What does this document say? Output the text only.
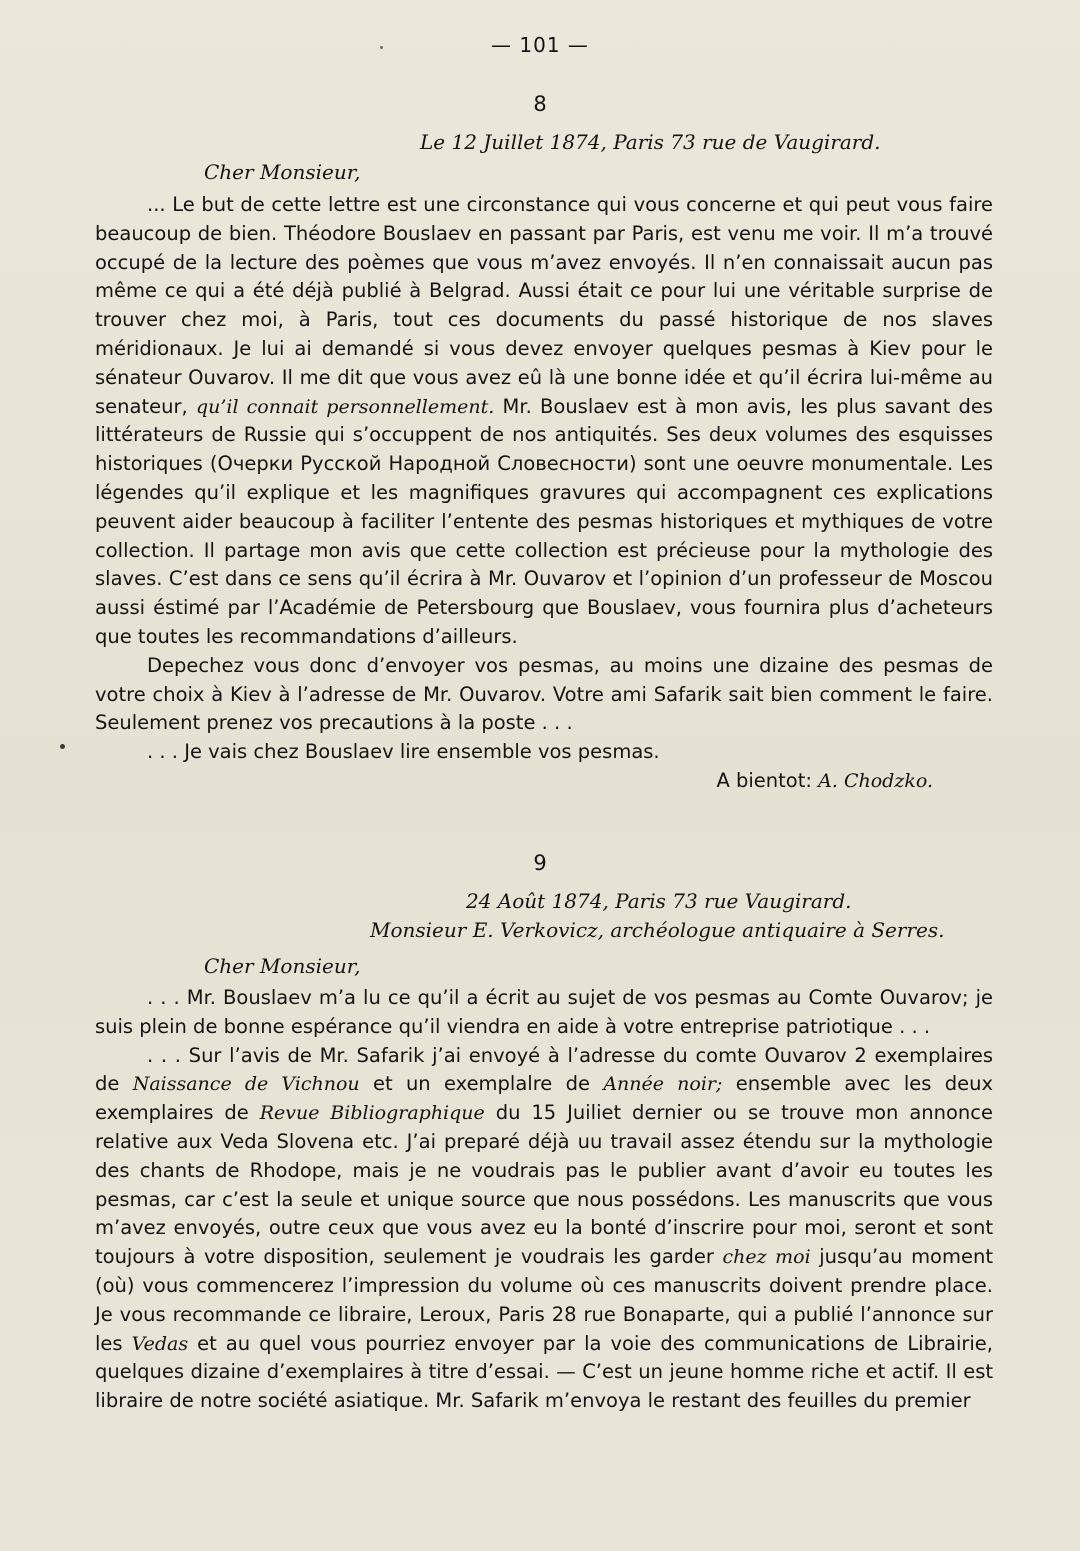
— 101 —
8
Le 12 Juillet 1874, Paris 73 rue de Vaugirard.
Cher Monsieur,

... Le but de cette lettre est une circonstance qui vous concerne et qui peut vous faire beaucoup de bien. Théodore Bouslaev en passant par Paris, est venu me voir. Il m’a trouvé occupé de la lecture des poèmes que vous m’avez envoyés. Il n’en connaissait aucun pas même ce qui a été déjà publié à Belgrad. Aussi était ce pour lui une véritable surprise de trouver chez moi, à Paris, tout ces documents du passé historique de nos slaves méridionaux. Je lui ai demandé si vous devez envoyer quelques pesmas à Kiev pour le sénateur Ouvarov. Il me dit que vous avez eû là une bonne idée et qu’il écrira lui-même au senateur, qu’il connait personnellement. Mr. Bouslaev est à mon avis, les plus savant des littérateurs de Russie qui s’occuppent de nos antiquités. Ses deux volumes des esquisses historiques (Очерки Русской Народной Словесности) sont une oeuvre monumentale. Les légendes qu’il explique et les magnifiques gravures qui accompagnent ces explications peuvent aider beaucoup à faciliter l’entente des pesmas historiques et mythiques de votre collection. Il partage mon avis que cette collection est précieuse pour la mythologie des slaves. C’est dans ce sens qu’il écrira à Mr. Ouvarov et l’opinion d’un professeur de Moscou aussi éstimé par l’Académie de Petersbourg que Bouslaev, vous fournira plus d’acheteurs que toutes les recommandations d’ailleurs.

Depechez vous donc d’envoyer vos pesmas, au moins une dizaine des pesmas de votre choix à Kiev à l’adresse de Mr. Ouvarov. Votre ami Safarik sait bien comment le faire. Seulement prenez vos precautions à la poste . . .

. . . Je vais chez Bouslaev lire ensemble vos pesmas.

A bientot: A. Chodzko.

9
24 Août 1874, Paris 73 rue Vaugirard.
Monsieur E. Verkovicz, archéologue antiquaire à Serres.
Cher Monsieur,

. . . Mr. Bouslaev m’a lu ce qu’il a écrit au sujet de vos pesmas au Comte Ouvarov; je suis plein de bonne espérance qu’il viendra en aide à votre entreprise patriotique . . .

. . . Sur l’avis de Mr. Safarik j’ai envoyé à l’adresse du comte Ouvarov 2 exemplaires de Naissance de Vichnou et un exemplalre de Année noir; ensemble avec les deux exemplaires de Revue Bibliographique du 15 Juiliet dernier ou se trouve mon annonce relative aux Veda Slovena etc. J’ai preparé déjà uu travail assez étendu sur la mythologie des chants de Rhodope, mais je ne voudrais pas le publier avant d’avoir eu toutes les pesmas, car c’est la seule et unique source que nous possédons. Les manuscrits que vous m’avez envoyés, outre ceux que vous avez eu la bonté d’inscrire pour moi, seront et sont toujours à votre disposition, seulement je voudrais les garder chez moi jusqu’au moment (où) vous commencerez l’impression du volume où ces manuscrits doivent prendre place. Je vous recommande ce libraire, Leroux, Paris 28 rue Bonaparte, qui a publié l’annonce sur les Vedas et au quel vous pourriez envoyer par la voie des communications de Librairie, quelques dizaine d’exemplaires à titre d’essai. — C’est un jeune homme riche et actif. Il est libraire de notre société asiatique. Mr. Safarik m’envoya le restant des feuilles du premier
